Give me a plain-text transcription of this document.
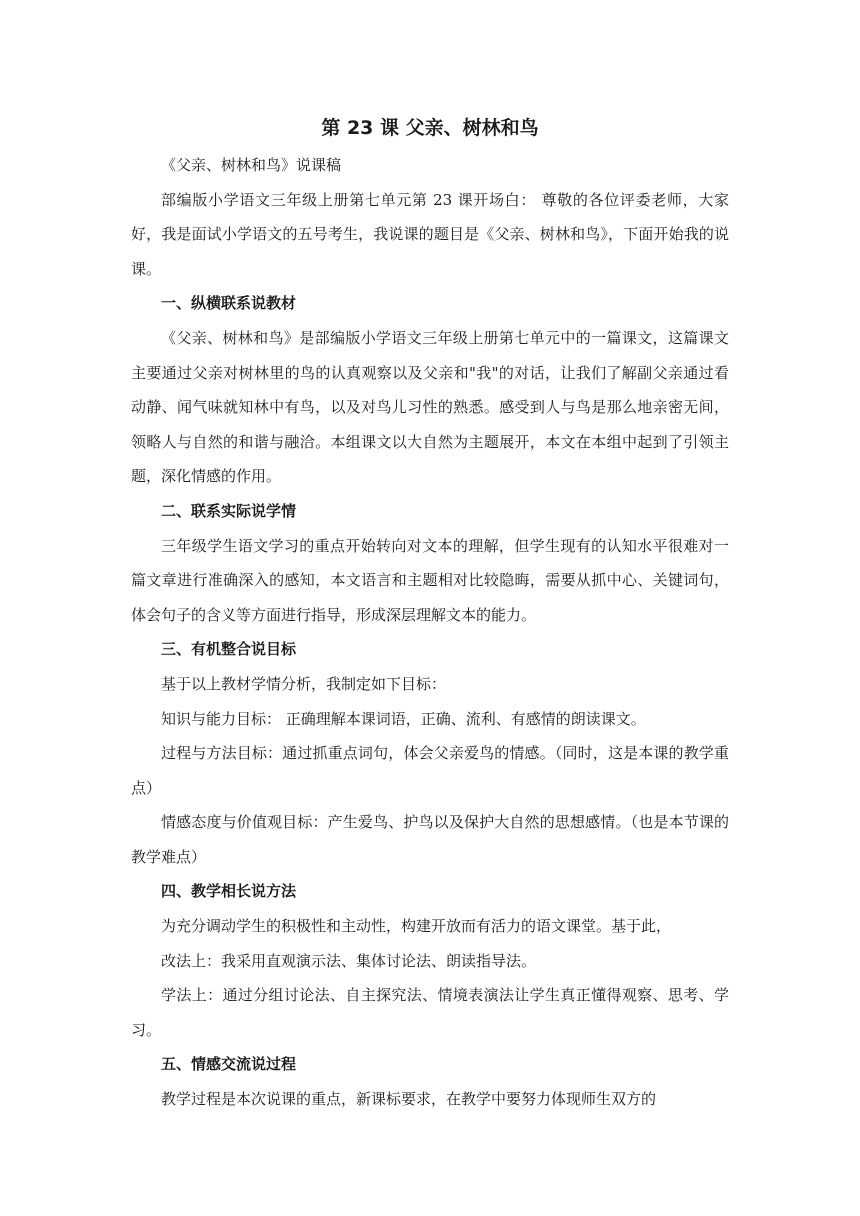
第 23 课 父亲、树林和鸟
《父亲、树林和鸟》说课稿
部编版小学语文三年级上册第七单元第 23 课开场白： 尊敬的各位评委老师，大家好，我是面试小学语文的五号考生，我说课的题目是《父亲、树林和鸟》，下面开始我的说课。
一、纵横联系说教材
《父亲、树林和鸟》是部编版小学语文三年级上册第七单元中的一篇课文，这篇课文主要通过父亲对树林里的鸟的认真观察以及父亲和"我"的对话，让我们了解副父亲通过看动静、闻气味就知林中有鸟，以及对鸟儿习性的熟悉。感受到人与鸟是那么地亲密无间，领略人与自然的和谐与融洽。本组课文以大自然为主题展开，本文在本组中起到了引领主题，深化情感的作用。
二、联系实际说学情
三年级学生语文学习的重点开始转向对文本的理解，但学生现有的认知水平很难对一篇文章进行准确深入的感知，本文语言和主题相对比较隐晦，需要从抓中心、关键词句，体会句子的含义等方面进行指导，形成深层理解文本的能力。
三、有机整合说目标
基于以上教材学情分析，我制定如下目标：
知识与能力目标： 正确理解本课词语，正确、流利、有感情的朗读课文。
过程与方法目标：通过抓重点词句，体会父亲爱鸟的情感。（同时，这是本课的教学重点）
情感态度与价值观目标：产生爱鸟、护鸟以及保护大自然的思想感情。（也是本节课的教学难点）
四、教学相长说方法
为充分调动学生的积极性和主动性，构建开放而有活力的语文课堂。基于此，
改法上：我采用直观演示法、集体讨论法、朗读指导法。
学法上：通过分组讨论法、自主探究法、情境表演法让学生真正懂得观察、思考、学习。
五、情感交流说过程
教学过程是本次说课的重点，新课标要求，在教学中要努力体现师生双方的
